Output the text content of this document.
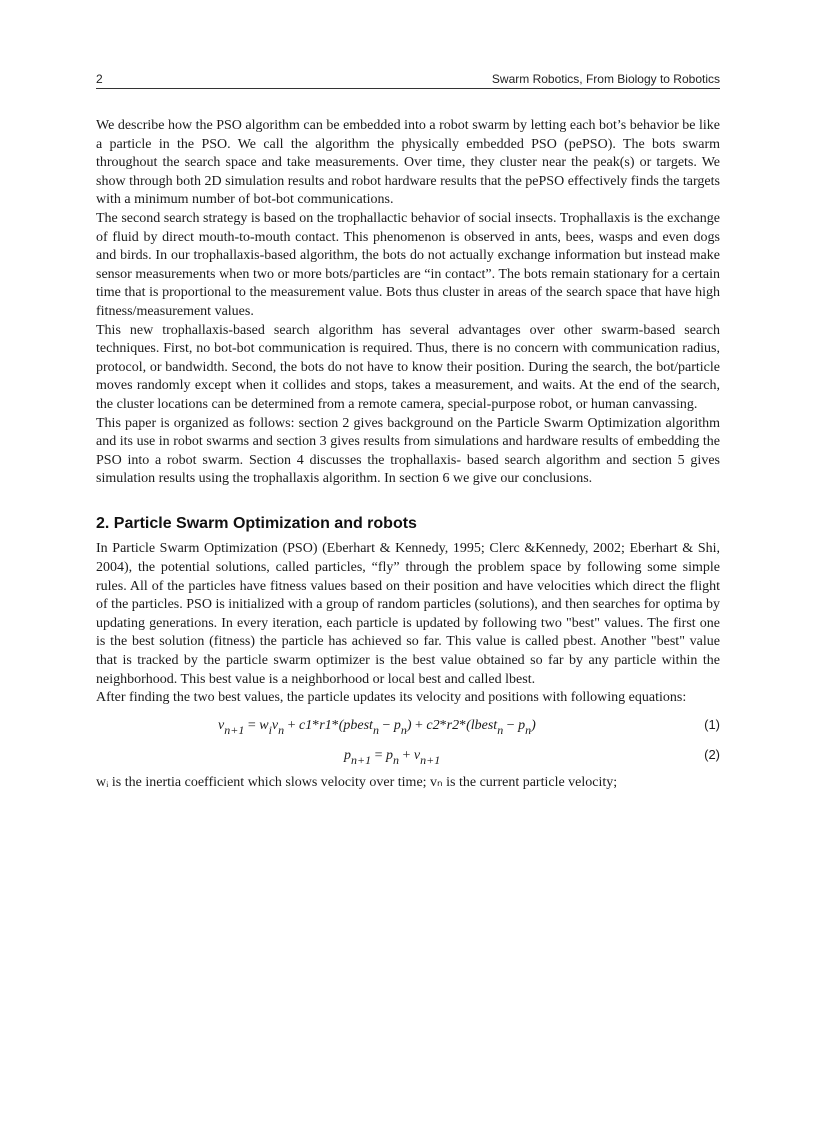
2	Swarm Robotics, From Biology to Robotics

We describe how the PSO algorithm can be embedded into a robot swarm by letting each bot’s behavior be like a particle in the PSO. We call the algorithm the physically embedded PSO (pePSO). The bots swarm throughout the search space and take measurements. Over time, they cluster near the peak(s) or targets. We show through both 2D simulation results and robot hardware results that the pePSO effectively finds the targets with a minimum number of bot-bot communications.

The second search strategy is based on the trophallactic behavior of social insects. Trophallaxis is the exchange of fluid by direct mouth-to-mouth contact. This phenomenon is observed in ants, bees, wasps and even dogs and birds. In our trophallaxis-based algorithm, the bots do not actually exchange information but instead make sensor measurements when two or more bots/particles are “in contact”. The bots remain stationary for a certain time that is proportional to the measurement value. Bots thus cluster in areas of the search space that have high fitness/measurement values.

This new trophallaxis-based search algorithm has several advantages over other swarm-based search techniques. First, no bot-bot communication is required. Thus, there is no concern with communication radius, protocol, or bandwidth. Second, the bots do not have to know their position. During the search, the bot/particle moves randomly except when it collides and stops, takes a measurement, and waits. At the end of the search, the cluster locations can be determined from a remote camera, special-purpose robot, or human canvassing.

This paper is organized as follows: section 2 gives background on the Particle Swarm Optimization algorithm and its use in robot swarms and section 3 gives results from simulations and hardware results of embedding the PSO into a robot swarm. Section 4 discusses the trophallaxis- based search algorithm and section 5 gives simulation results using the trophallaxis algorithm. In section 6 we give our conclusions.

2. Particle Swarm Optimization and robots

In Particle Swarm Optimization (PSO) (Eberhart & Kennedy, 1995; Clerc &Kennedy, 2002; Eberhart & Shi, 2004), the potential solutions, called particles, “fly” through the problem space by following some simple rules. All of the particles have fitness values based on their position and have velocities which direct the flight of the particles. PSO is initialized with a group of random particles (solutions), and then searches for optima by updating generations. In every iteration, each particle is updated by following two "best" values. The first one is the best solution (fitness) the particle has achieved so far. This value is called pbest. Another "best" value that is tracked by the particle swarm optimizer is the best value obtained so far by any particle within the neighborhood. This best value is a neighborhood or local best and called lbest.

After finding the two best values, the particle updates its velocity and positions with following equations:

$v_{n+1} = w_iv_n$ + c1*r1*(pbest$_n$ − $p_n$) + c2*r2*(lbest$_n$ − $p_n$)	(1)
$p_{n+1} = p_n + v_{n+1}$	(2)

wᵢ is the inertia coefficient which slows velocity over time; vₙ is the current particle velocity;
